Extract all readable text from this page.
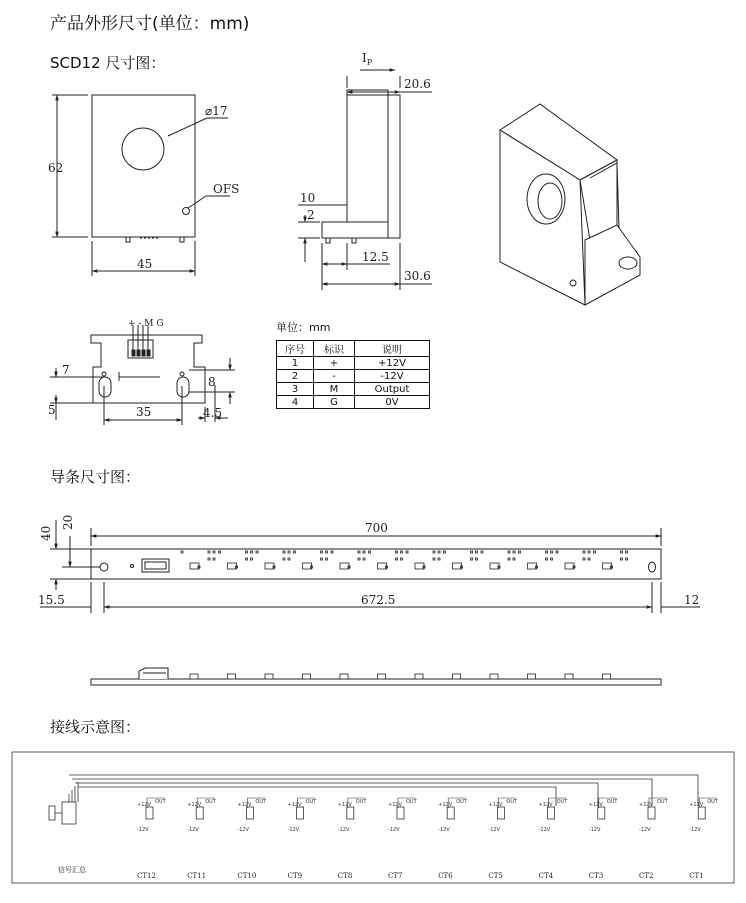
产品外形尺寸(单位：mm)
SCD12 尺寸图：
导条尺寸图：
接线示意图：
62
45
⌀17
OFS
$I_P$
20.6
10
2
12.5
30.6
+ - M G
7
5	35
8
4.5
40
20	700
15.5	672.5	12
CT12
+12V
-12V
OUT
CT11
+12V
-12V
OUT
CT10
+12V
-12V
OUT
CT9
+12V
-12V
OUT
CT8
+12V
-12V
OUT
CT7
+12V
-12V
OUT
CT6
+12V
-12V
OUT
CT5
+12V
-12V
OUT
CT4
+12V
-12V
OUT
CT3
+12V
-12V
OUT
CT2
+12V
-12V
OUT
CT1
+12V
-12V
OUT
信号汇总
单位：mm
序号	标识	说明
1	+	+12V
2	-	-12V
3	M	Output
4	G	0V
